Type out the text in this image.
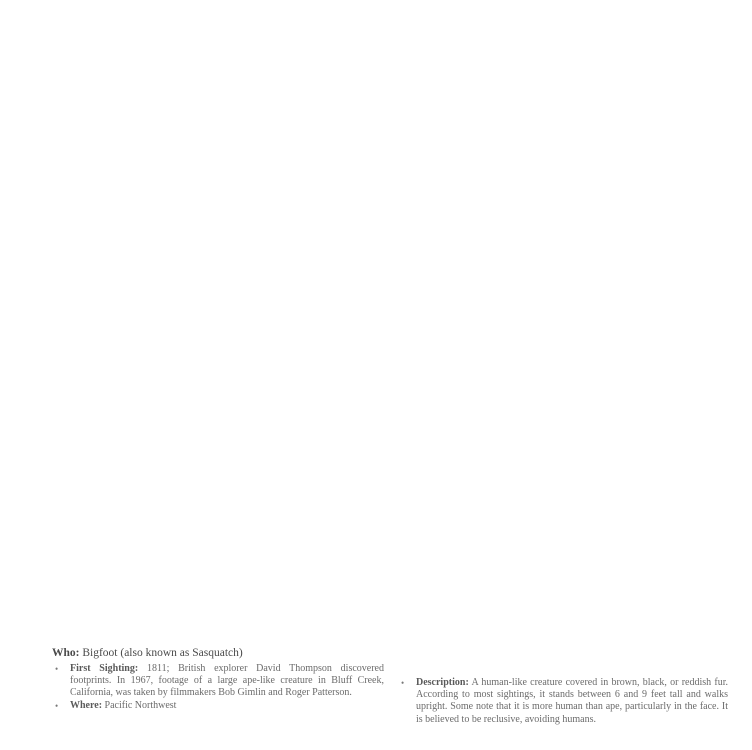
Who: Bigfoot (also known as Sasquatch)
• First Sighting: 1811; British explorer David Thompson discovered footprints. In 1967, footage of a large ape-like creature in Bluff Creek, California, was taken by filmmakers Bob Gimlin and Roger Patterson.
• Where: Pacific Northwest
• Description: A human-like creature covered in brown, black, or reddish fur. According to most sightings, it stands between 6 and 9 feet tall and walks upright. Some note that it is more human than ape, particularly in the face. It is believed to be reclusive, avoiding humans.
